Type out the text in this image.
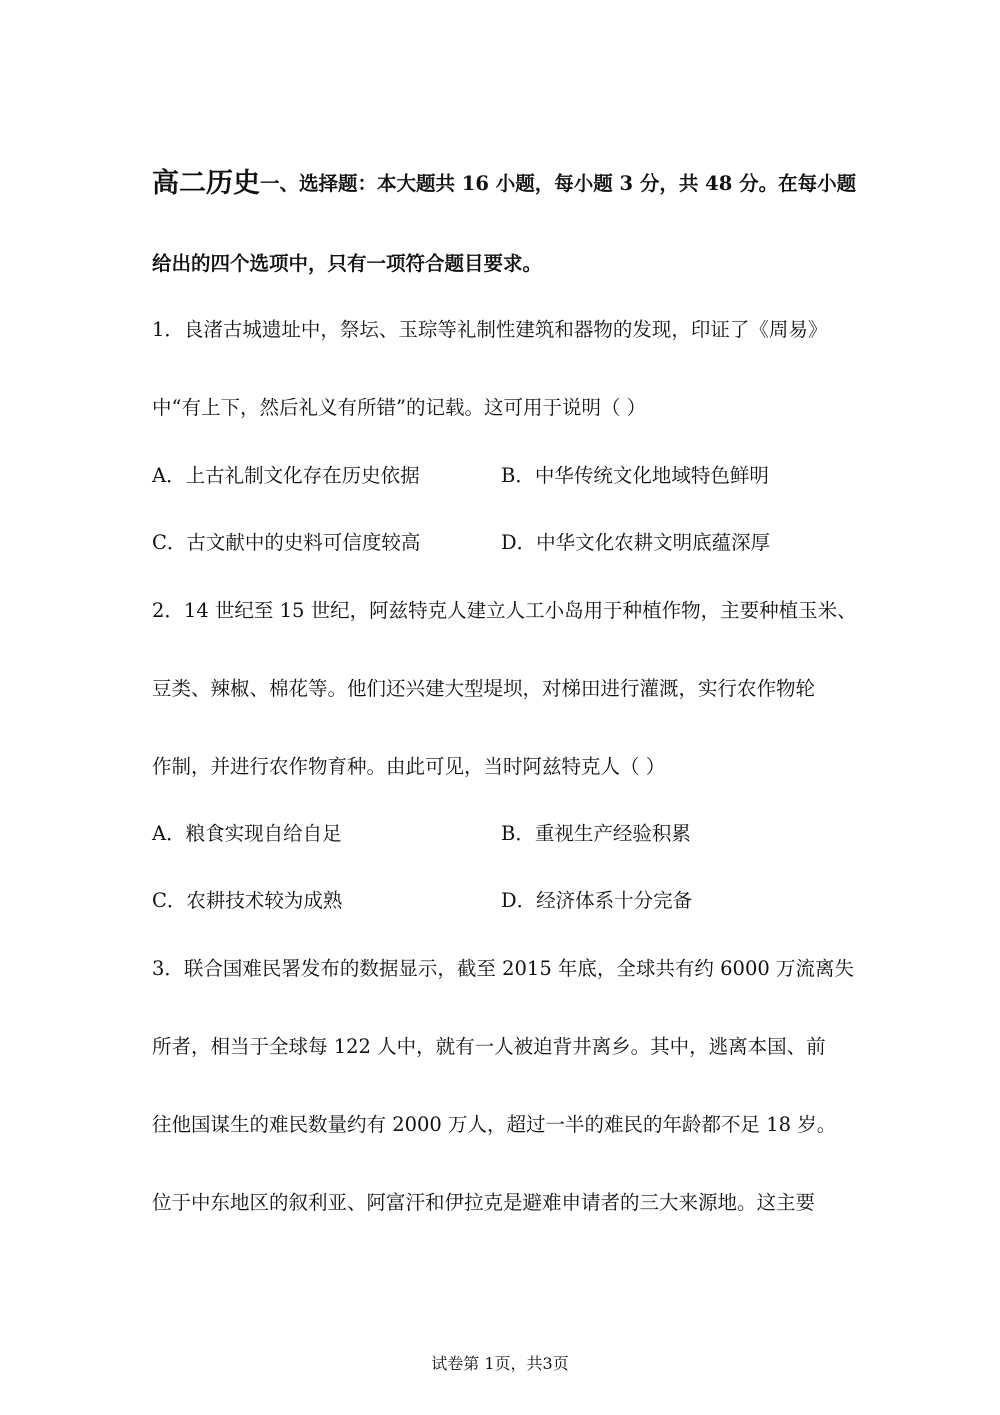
高二历史一、选择题：本大题共 16 小题，每小题 3 分，共 48 分。在每小题
给出的四个选项中，只有一项符合题目要求。
1．良渚古城遗址中，祭坛、玉琮等礼制性建筑和器物的发现，印证了《周易》
中“有上下，然后礼义有所错”的记载。这可用于说明（ ）
A．上古礼制文化存在历史依据	B．中华传统文化地域特色鲜明
C．古文献中的史料可信度较高	D．中华文化农耕文明底蕴深厚
2．14 世纪至 15 世纪，阿兹特克人建立人工小岛用于种植作物，主要种植玉米、
豆类、辣椒、棉花等。他们还兴建大型堤坝，对梯田进行灌溉，实行农作物轮
作制，并进行农作物育种。由此可见，当时阿兹特克人（ ）
A．粮食实现自给自足	B．重视生产经验积累
C．农耕技术较为成熟	D．经济体系十分完备
3．联合国难民署发布的数据显示，截至 2015 年底，全球共有约 6000 万流离失
所者，相当于全球每 122 人中，就有一人被迫背井离乡。其中，逃离本国、前
往他国谋生的难民数量约有 2000 万人，超过一半的难民的年龄都不足 18 岁。
位于中东地区的叙利亚、阿富汗和伊拉克是避难申请者的三大来源地。这主要
试卷第 1页，共3页
